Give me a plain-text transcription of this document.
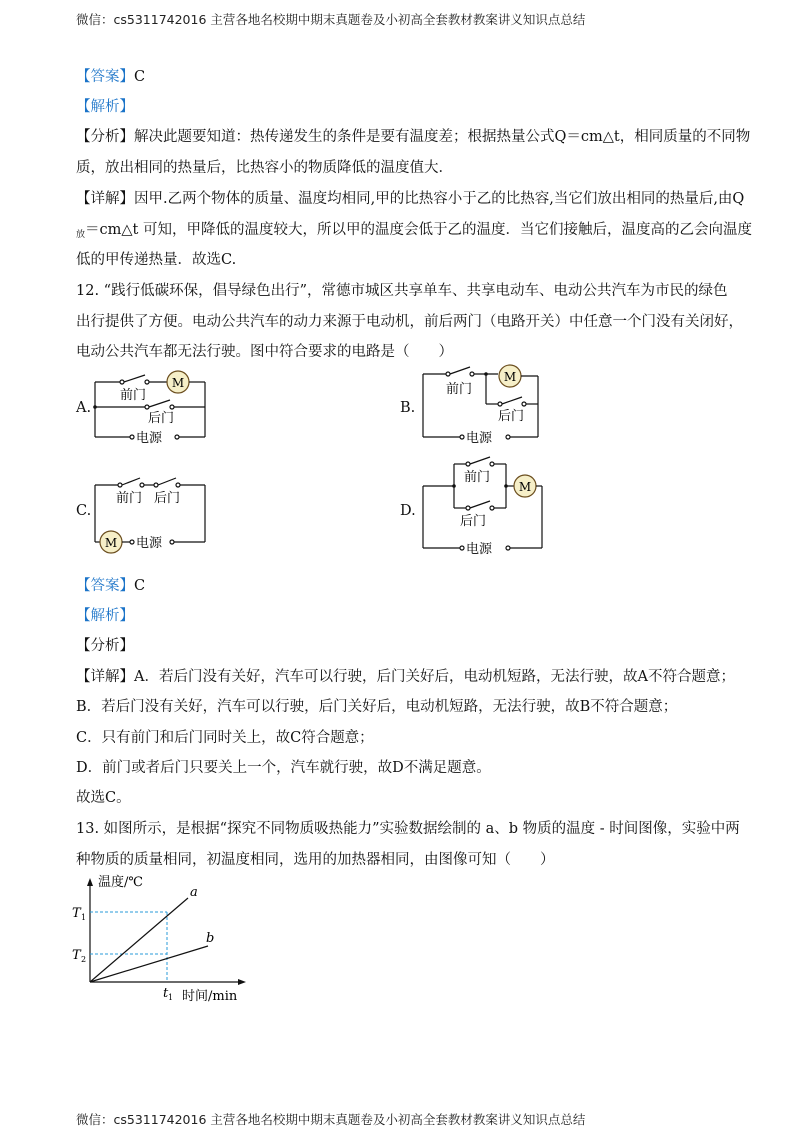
微信：cs5311742016 主营各地名校期中期末真题卷及小初高全套教材教案讲义知识点总结
【答案】C
【解析】
【分析】解决此题要知道：热传递发生的条件是要有温度差；根据热量公式Q＝cm△t，相同质量的不同物
质，放出相同的热量后，比热容小的物质降低的温度值大．
【详解】因甲.乙两个物体的质量、温度均相同,甲的比热容小于乙的比热容,当它们放出相同的热量后,由Q
$_放$＝cm△t 可知，甲降低的温度较大，所以甲的温度会低于乙的温度．当它们接触后，温度高的乙会向温度
低的甲传递热量．故选C.
12. “践行低碳环保，倡导绿色出行”，常德市城区共享单车、共享电动车、电动公共汽车为市民的绿色
出行提供了方便。电动公共汽车的动力来源于电动机，前后两门（电路开关）中任意一个门没有关闭好，
电动公共汽车都无法行驶。图中符合要求的电路是（　　）
A.	B.
C.	D.
M
前门
后门
电源
M
前门
后门
电源
M
前门 后门
电源
M
前门
后门
电源
【答案】C
【解析】
【分析】
【详解】A．若后门没有关好，汽车可以行驶，后门关好后，电动机短路，无法行驶，故A不符合题意；
B．若后门没有关好，汽车可以行驶，后门关好后，电动机短路，无法行驶，故B不符合题意；
C．只有前门和后门同时关上，故C符合题意；
D．前门或者后门只要关上一个，汽车就行驶，故D不满足题意。
故选C。
13. 如图所示，是根据“探究不同物质吸热能力”实验数据绘制的 a、b 物质的温度 - 时间图像，实验中两
种物质的质量相同，初温度相同，选用的加热器相同，由图像可知（　　）
温度/℃
时间/min
T 1
T 2
t 1
a
b
微信：cs5311742016 主营各地名校期中期末真题卷及小初高全套教材教案讲义知识点总结
